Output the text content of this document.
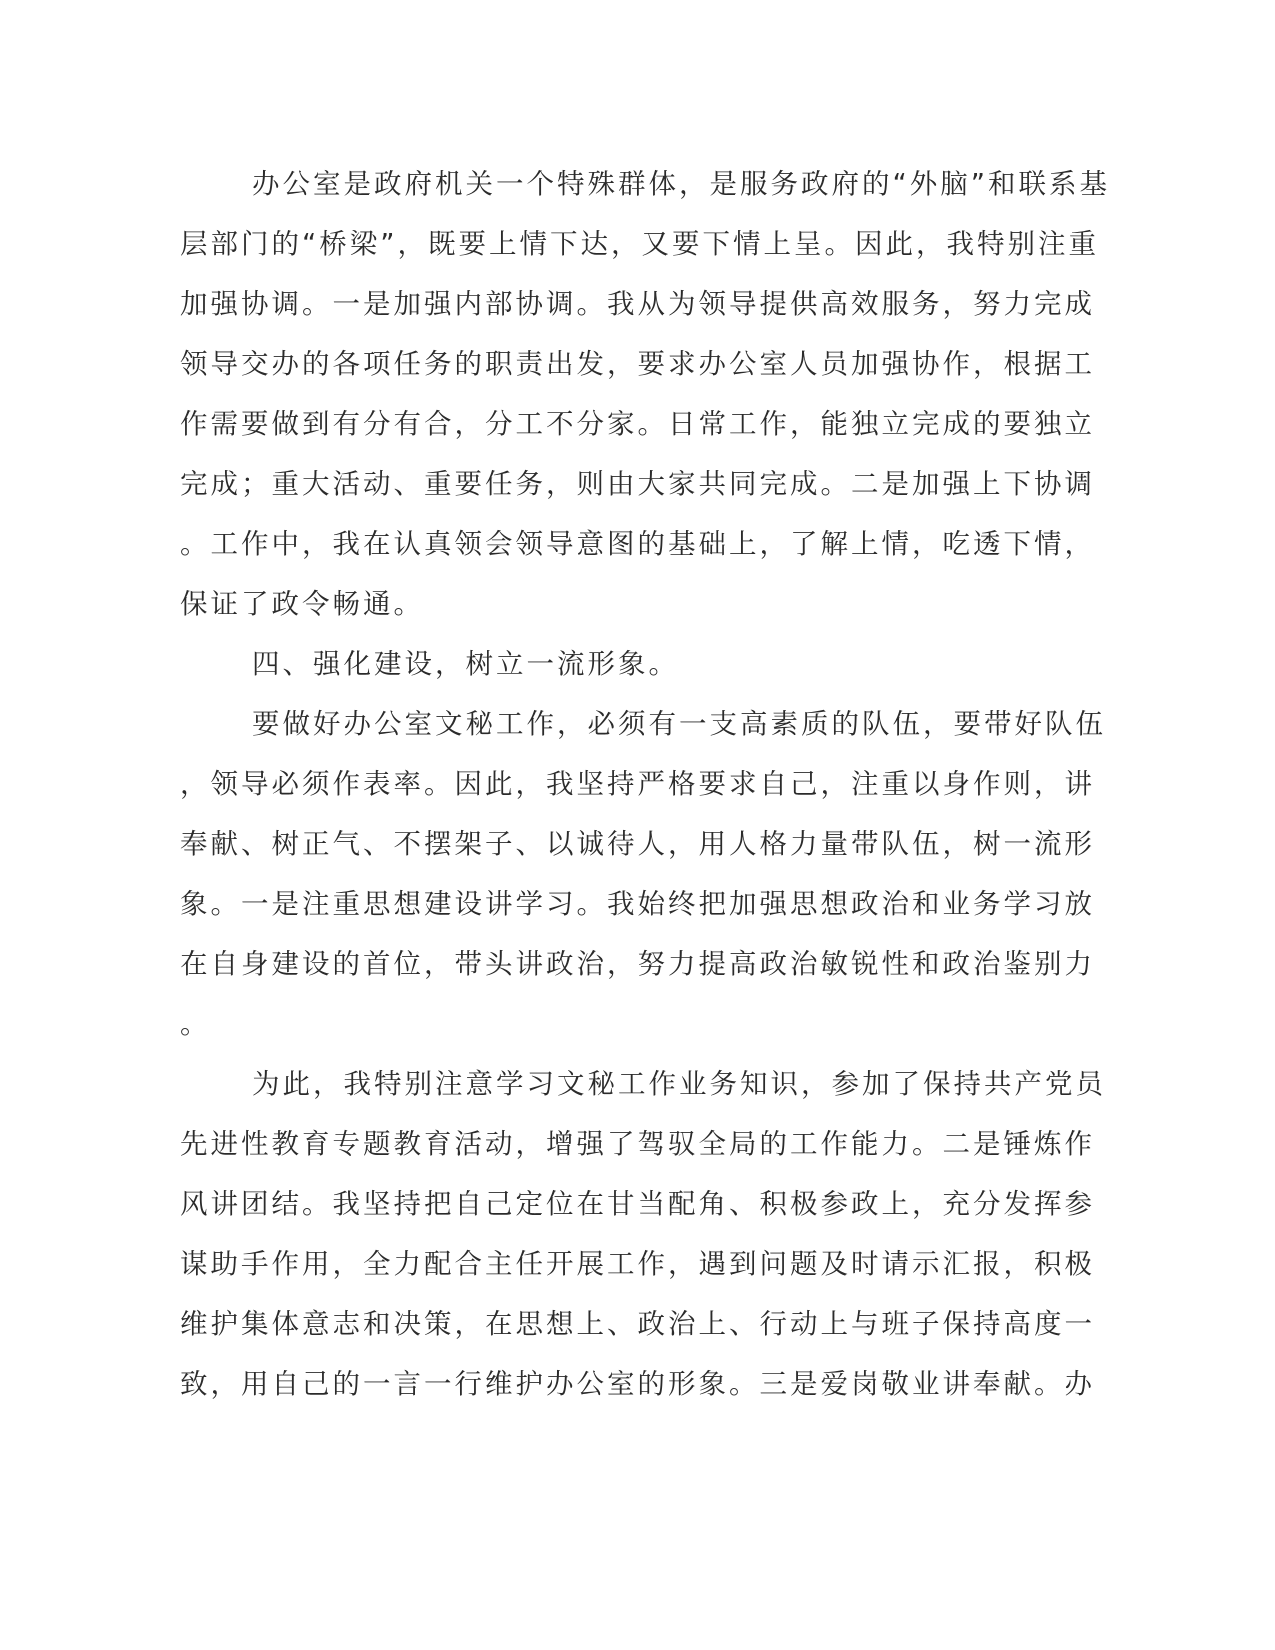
办公室是政府机关一个特殊群体，是服务政府的“外脑”和联系基
层部门的“桥梁”，既要上情下达，又要下情上呈。因此，我特别注重
加强协调。一是加强内部协调。我从为领导提供高效服务，努力完成
领导交办的各项任务的职责出发，要求办公室人员加强协作，根据工
作需要做到有分有合，分工不分家。日常工作，能独立完成的要独立
完成；重大活动、重要任务，则由大家共同完成。二是加强上下协调
。工作中，我在认真领会领导意图的基础上，了解上情，吃透下情，
保证了政令畅通。
四、强化建设，树立一流形象。
要做好办公室文秘工作，必须有一支高素质的队伍，要带好队伍
，领导必须作表率。因此，我坚持严格要求自己，注重以身作则，讲
奉献、树正气、不摆架子、以诚待人，用人格力量带队伍，树一流形
象。一是注重思想建设讲学习。我始终把加强思想政治和业务学习放
在自身建设的首位，带头讲政治，努力提高政治敏锐性和政治鉴别力
。
为此，我特别注意学习文秘工作业务知识，参加了保持共产党员
先进性教育专题教育活动，增强了驾驭全局的工作能力。二是锤炼作
风讲团结。我坚持把自己定位在甘当配角、积极参政上，充分发挥参
谋助手作用，全力配合主任开展工作，遇到问题及时请示汇报，积极
维护集体意志和决策，在思想上、政治上、行动上与班子保持高度一
致，用自己的一言一行维护办公室的形象。三是爱岗敬业讲奉献。办
